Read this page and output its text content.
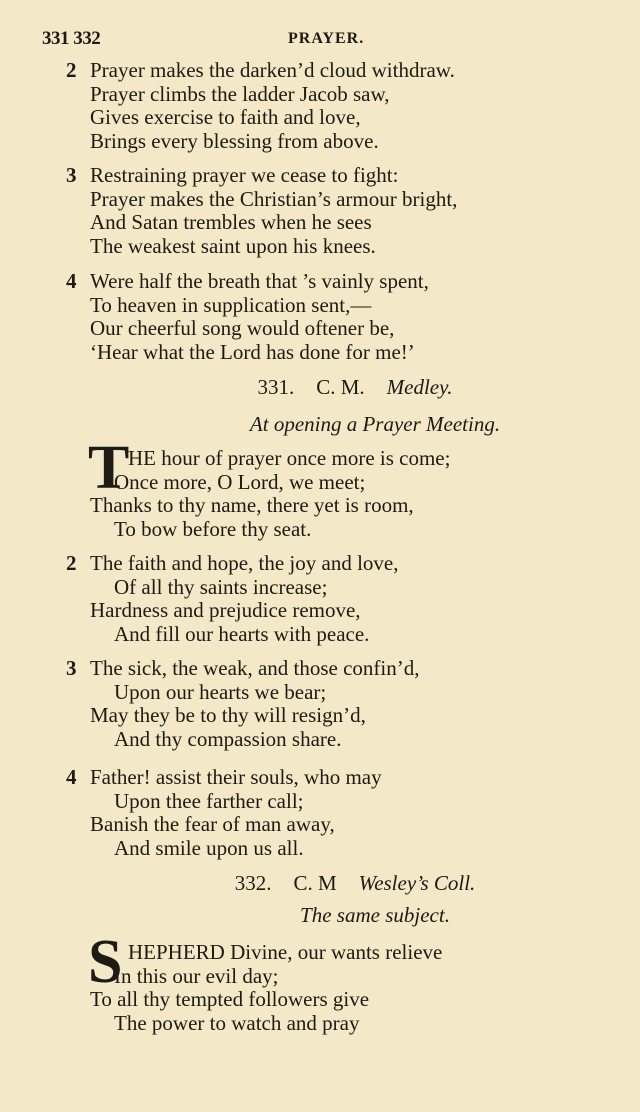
331 332	PRAYER.
2 Prayer makes the darken’d cloud withdraw.
Prayer climbs the ladder Jacob saw,
Gives exercise to faith and love,
Brings every blessing from above.
3 Restraining prayer we cease to fight:
Prayer makes the Christian’s armour bright,
And Satan trembles when he sees
The weakest saint upon his knees.
4 Were half the breath that ’s vainly spent,
To heaven in supplication sent,—
Our cheerful song would oftener be,
‘Hear what the Lord has done for me!’
331. C. M. Medley.
At opening a Prayer Meeting.
T
HE hour of prayer once more is come;
Once more, O Lord, we meet;
Thanks to thy name, there yet is room,
To bow before thy seat.
2 The faith and hope, the joy and love,
Of all thy saints increase;
Hardness and prejudice remove,
And fill our hearts with peace.
3 The sick, the weak, and those confin’d,
Upon our hearts we bear;
May they be to thy will resign’d,
And thy compassion share.
4 Father! assist their souls, who may
Upon thee farther call;
Banish the fear of man away,
And smile upon us all.
332. C. M Wesley’s Coll.
The same subject.
S HEPHERD Divine, our wants relieve
In this our evil day;
To all thy tempted followers give
The power to watch and pray
